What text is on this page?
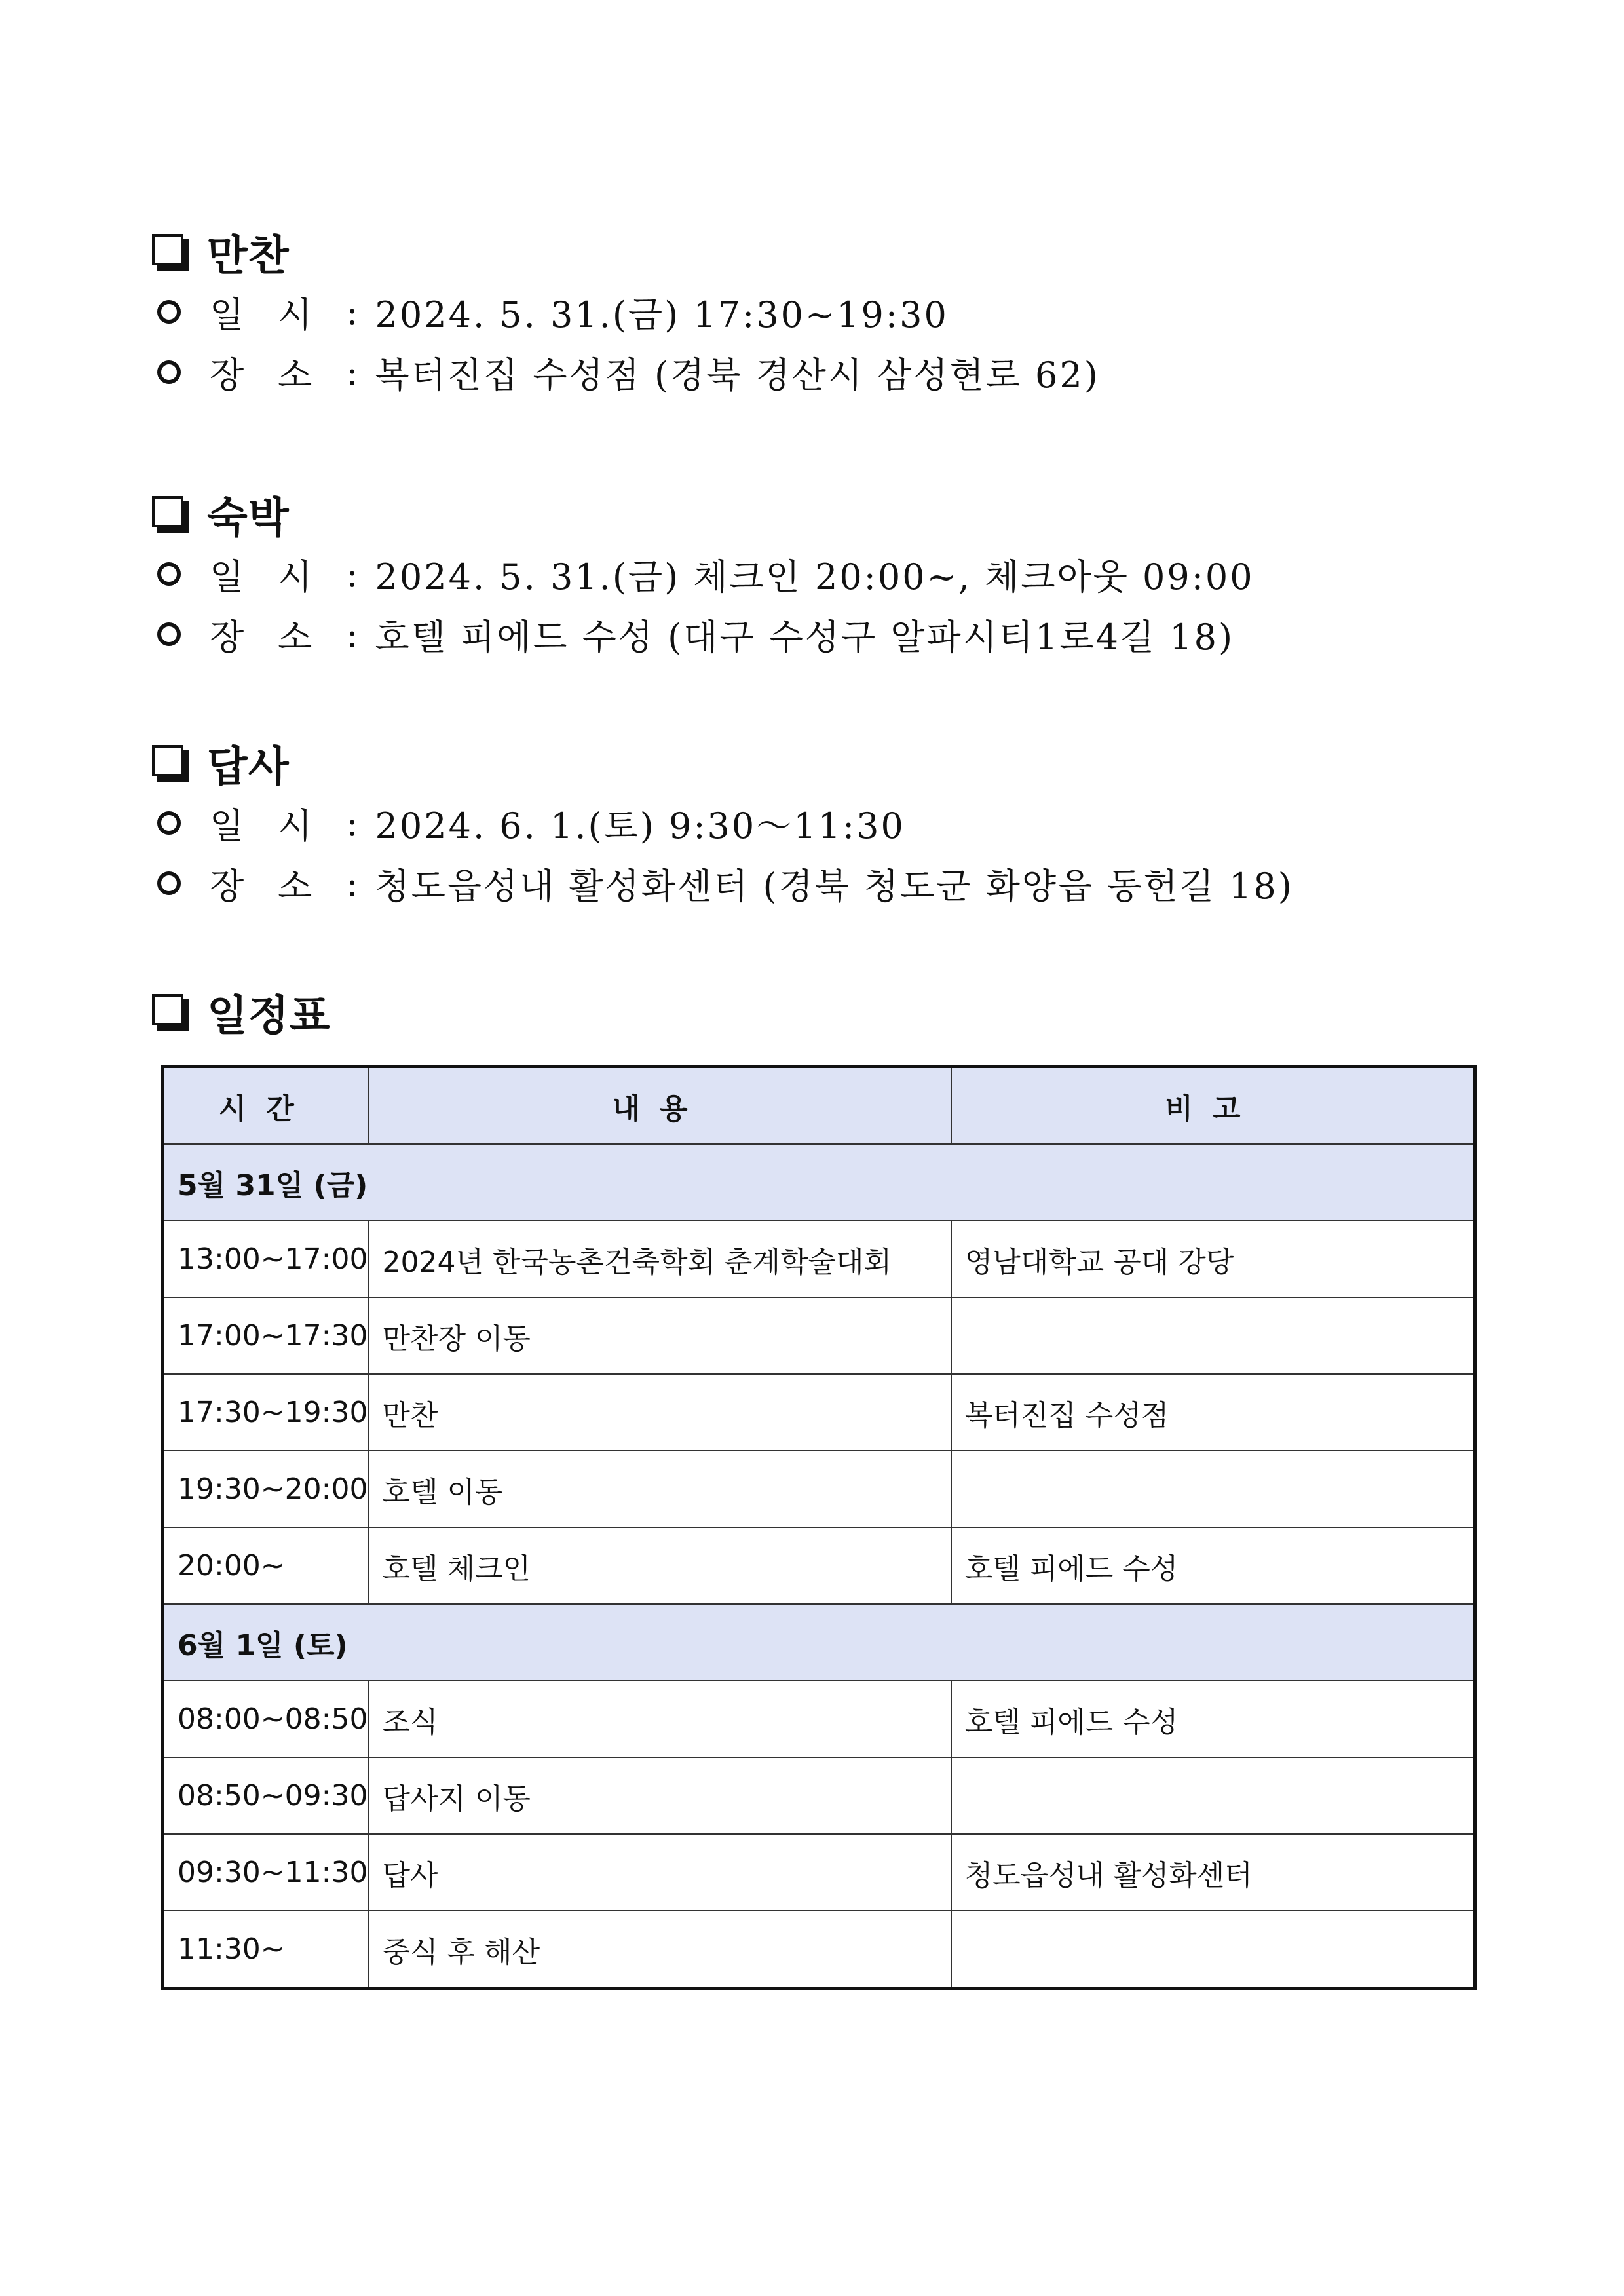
만찬
일시 : 2024. 5. 31.(금) 17:30~19:30
장소 : 복터진집 수성점 (경북 경산시 삼성현로 62)
숙박
일시 : 2024. 5. 31.(금) 체크인 20:00~, 체크아웃 09:00
장소 : 호텔 피에드 수성 (대구 수성구 알파시티1로4길 18)
답사
일시 : 2024. 6. 1.(토) 9:30～11:30
장소 : 청도읍성내 활성화센터 (경북 청도군 화양읍 동헌길 18)
일정표
시간	내용	비고
5월 31일 (금)		
13:00~17:00	2024년 한국농촌건축학회 춘계학술대회	영남대학교 공대 강당
17:00~17:30	만찬장 이동	
17:30~19:30	만찬	복터진집 수성점
19:30~20:00	호텔 이동	
20:00~	호텔 체크인	호텔 피에드 수성
6월 1일 (토)		
08:00~08:50	조식	호텔 피에드 수성
08:50~09:30	답사지 이동	
09:30~11:30	답사	청도읍성내 활성화센터
11:30~	중식 후 해산	
